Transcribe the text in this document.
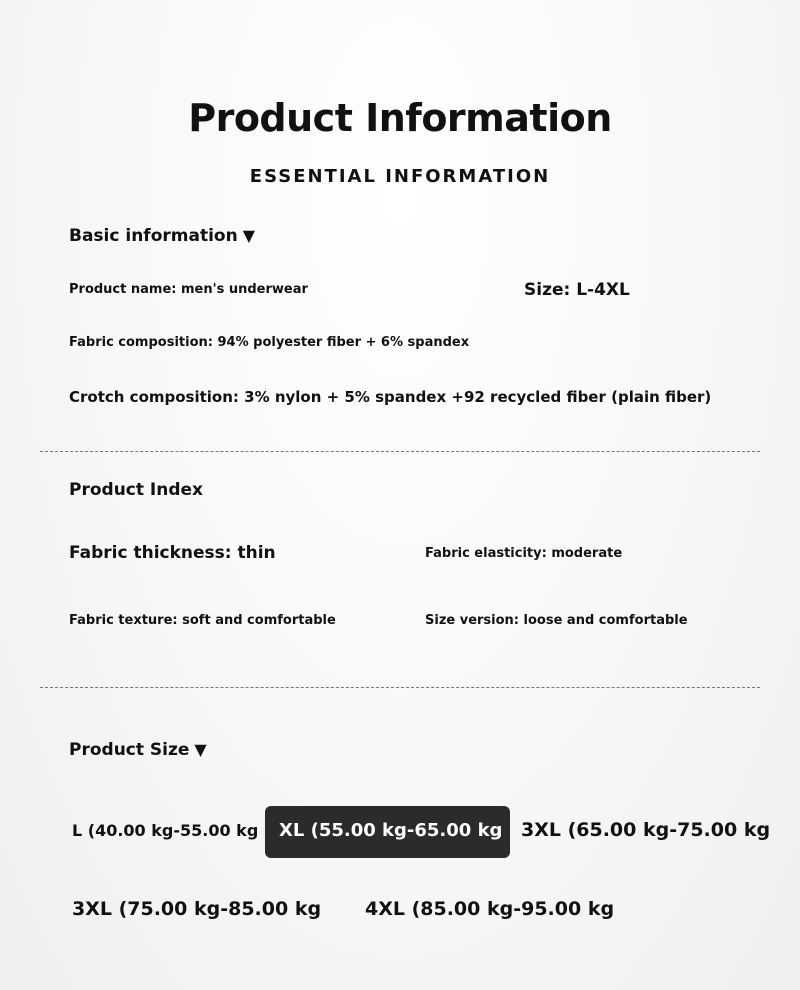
Product Information
ESSENTIAL INFORMATION
Basic information ▼
Product name: men's underwear	Size: L-4XL
Fabric composition: 94% polyester fiber + 6% spandex
Crotch composition: 3% nylon + 5% spandex +92 recycled fiber (plain fiber)
Product Index
Fabric thickness: thin	Fabric elasticity: moderate
Fabric texture: soft and comfortable	Size version: loose and comfortable
Product Size ▼
L (40.00 kg-55.00 kg	XL (55.00 kg-65.00 kg 3XL (65.00 kg-75.00 kg
3XL (75.00 kg-85.00 kg 4XL (85.00 kg-95.00 kg
